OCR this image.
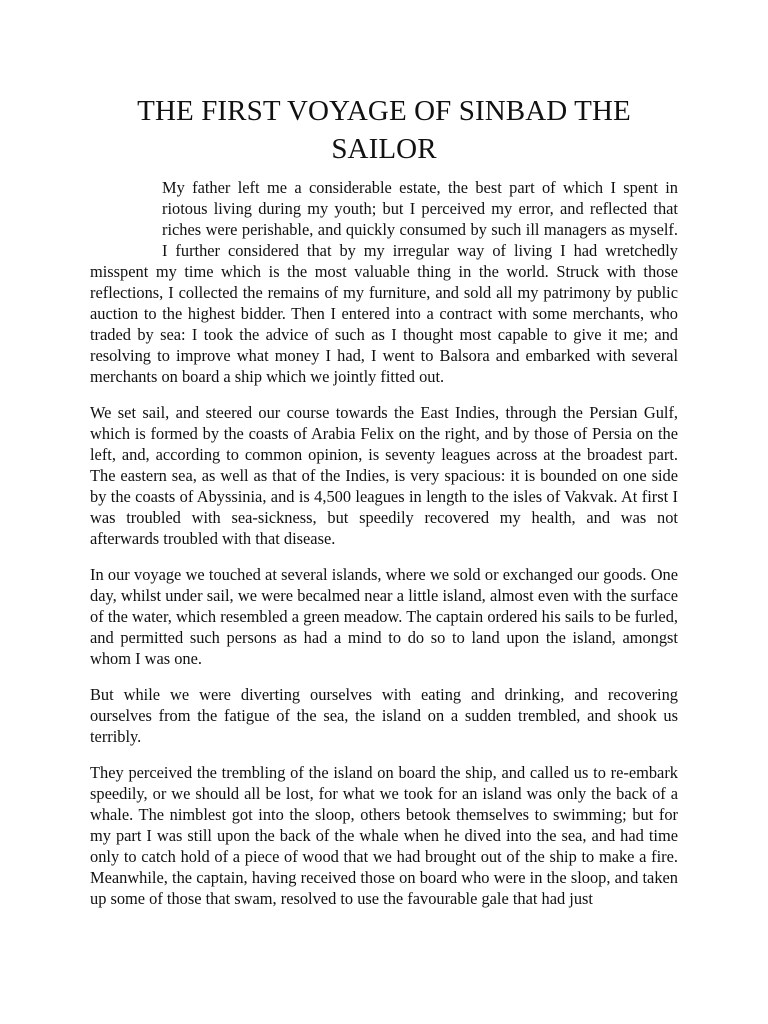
THE FIRST VOYAGE OF SINBAD THE SAILOR

My father left me a considerable estate, the best part of which I spent in riotous living during my youth; but I perceived my error, and reflected that riches were perishable, and quickly consumed by such ill managers as myself. I further considered that by my irregular way of living I had wretchedly misspent my time which is the most valuable thing in the world. Struck with those reflections, I collected the remains of my furniture, and sold all my patrimony by public auction to the highest bidder. Then I entered into a contract with some merchants, who traded by sea: I took the advice of such as I thought most capable to give it me; and resolving to improve what money I had, I went to Balsora and embarked with several merchants on board a ship which we jointly fitted out.

We set sail, and steered our course towards the East Indies, through the Persian Gulf, which is formed by the coasts of Arabia Felix on the right, and by those of Persia on the left, and, according to common opinion, is seventy leagues across at the broadest part. The eastern sea, as well as that of the Indies, is very spacious: it is bounded on one side by the coasts of Abyssinia, and is 4,500 leagues in length to the isles of Vakvak. At first I was troubled with sea-sickness, but speedily recovered my health, and was not afterwards troubled with that disease.

In our voyage we touched at several islands, where we sold or exchanged our goods. One day, whilst under sail, we were becalmed near a little island, almost even with the surface of the water, which resembled a green meadow. The captain ordered his sails to be furled, and permitted such persons as had a mind to do so to land upon the island, amongst whom I was one.

But while we were diverting ourselves with eating and drinking, and recovering ourselves from the fatigue of the sea, the island on a sudden trembled, and shook us terribly.

They perceived the trembling of the island on board the ship, and called us to re-embark speedily, or we should all be lost, for what we took for an island was only the back of a whale. The nimblest got into the sloop, others betook themselves to swimming; but for my part I was still upon the back of the whale when he dived into the sea, and had time only to catch hold of a piece of wood that we had brought out of the ship to make a fire. Meanwhile, the captain, having received those on board who were in the sloop, and taken up some of those that swam, resolved to use the favourable gale that had just
